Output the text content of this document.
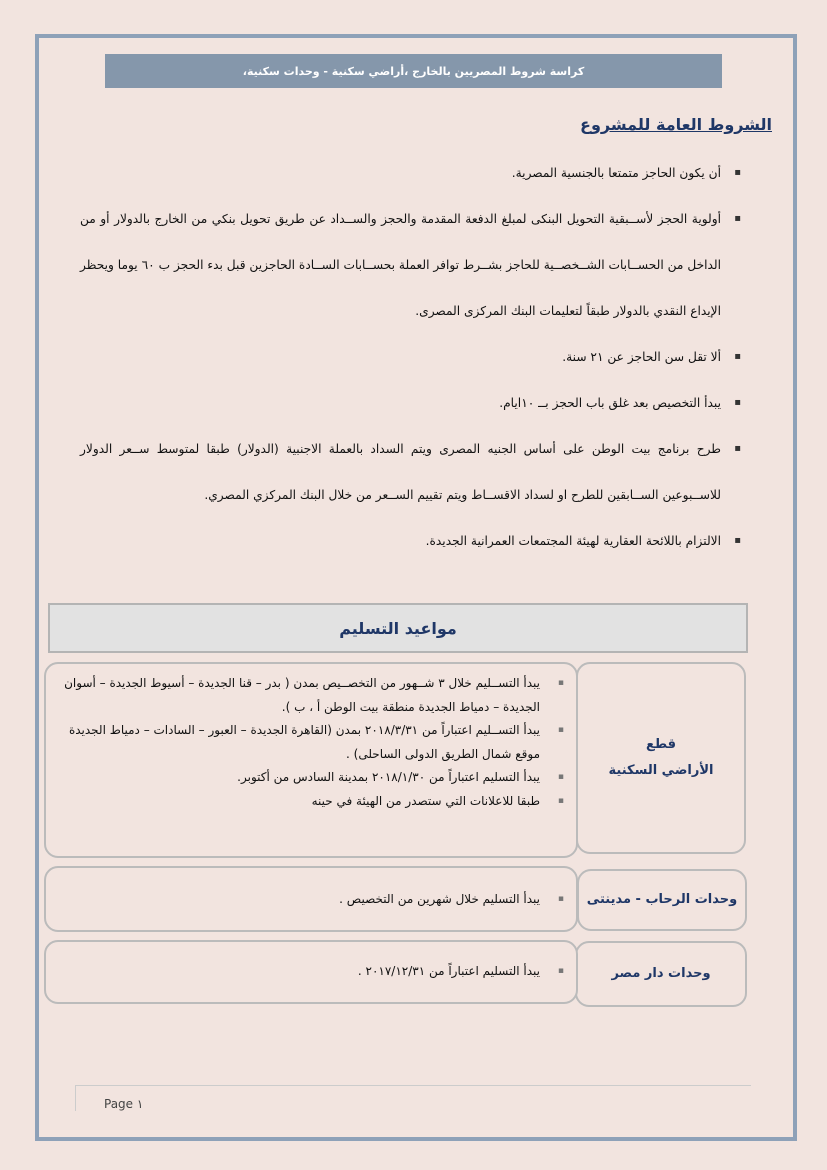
كراسة شروط المصريين بالخارج ،أراضي سكنية - وحدات سكنية،
الشروط العامة للمشروع
▪ أن يكون الحاجز متمتعا بالجنسية المصرية.
▪ أولوية الحجز لأســبقية التحويل البنكى لمبلغ الدفعة المقدمة والحجز والســداد عن طريق تحويل بنكي من الخارج بالدولار أو من الداخل من الحســابات الشــخصــية للحاجز بشــرط توافر العملة بحســابات الســادة الحاجزين قبل بدء الحجز ب ٦٠ يوما ويحظر الإيداع النقدي بالدولار طبقاً لتعليمات البنك المركزى المصرى.
▪ ألا تقل سن الحاجز عن ٢١ سنة.
▪ يبدأ التخصيص بعد غلق باب الحجز بــ ١٠ايام.
▪ طرح برنامج بيت الوطن على أساس الجنيه المصرى ويتم السداد بالعملة الاجنبية (الدولار) طبقا لمتوسط ســعر الدولار للاســبوعين الســابقين للطرح او لسداد الاقســاط ويتم تقييم الســعر من خلال البنك المركزي المصري.
▪ الالتزام باللائحة العقارية لهيئة المجتمعات العمرانية الجديدة.
مواعيد التسليم
قطع
الأراضي السكنية
▪ يبدأ التســليم خلال ٣ شــهور من التخصــيص بمدن ( بدر – قنا الجديدة – أسيوط الجديدة – أسوان الجديدة – دمياط الجديدة منطقة بيت الوطن أ ، ب ).
▪ يبدأ التســليم اعتباراً من ٢٠١٨/٣/٣١ بمدن (القاهرة الجديدة – العبور – السادات – دمياط الجديدة موقع شمال الطريق الدولى الساحلى) .
▪ يبدأ التسليم اعتباراً من ٢٠١٨/١/٣٠ بمدينة السادس من أكتوبر.
▪ طبقا للاعلانات التي ستصدر من الهيئة في حينه
وحدات الرحاب - مدينتى
▪ يبدأ التسليم خلال شهرين من التخصيص .
وحدات دار مصر
▪ يبدأ التسليم اعتباراً من ٢٠١٧/١٢/٣١ .
Page ١
